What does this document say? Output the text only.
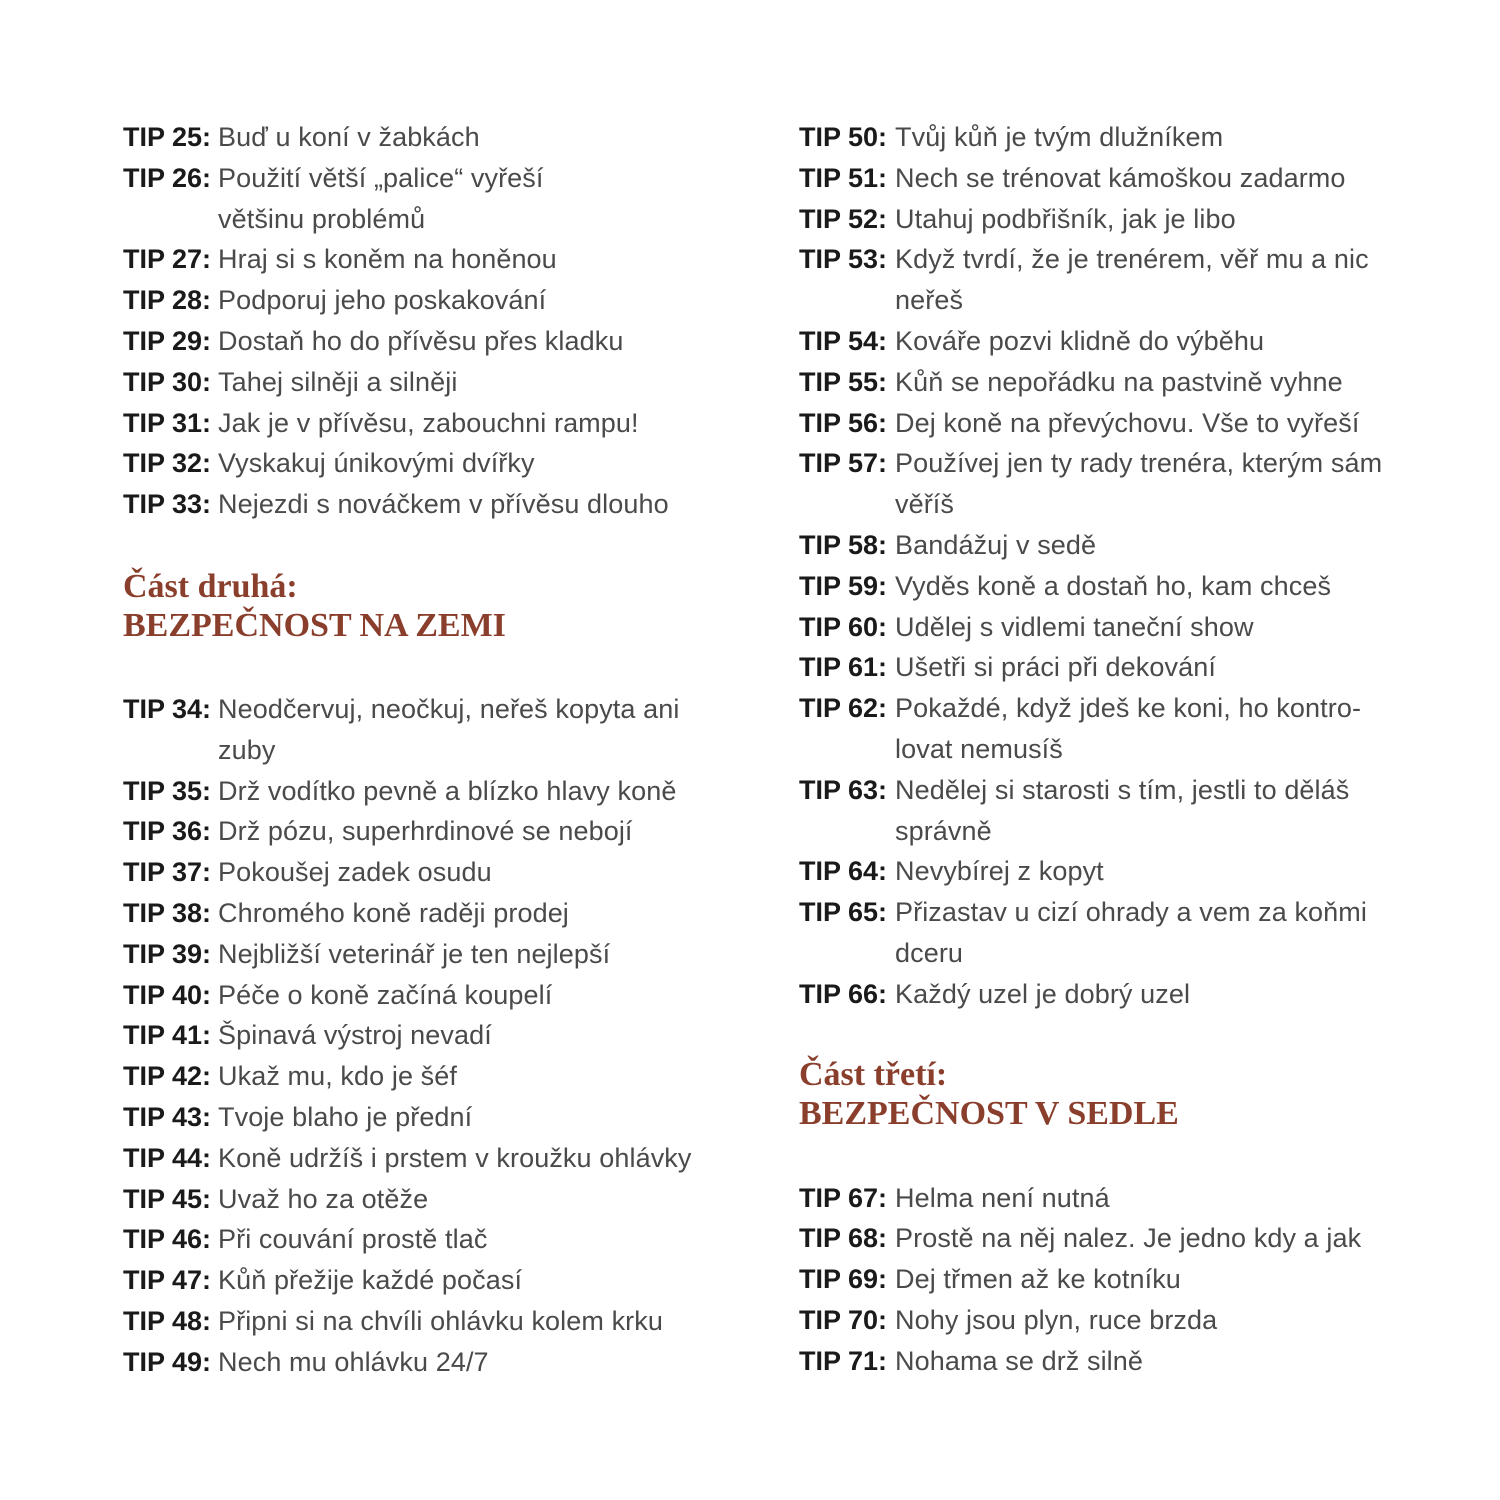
TIP 25: Buď u koní v žabkách
TIP 26: Použití větší „palice“ vyřeší většinu problémů
TIP 27: Hraj si s koněm na honěnou
TIP 28: Podporuj jeho poskakování
TIP 29: Dostaň ho do přívěsu přes kladku
TIP 30: Tahej silněji a silněji
TIP 31: Jak je v přívěsu, zabouchni rampu!
TIP 32: Vyskakuj únikovými dvířky
TIP 33: Nejezdi s nováčkem v přívěsu dlouho
Část druhá:
BEZPEČNOST NA ZEMI
TIP 34: Neodčervuj, neočkuj, neřeš kopyta ani zuby
TIP 35: Drž vodítko pevně a blízko hlavy koně
TIP 36: Drž pózu, superhrdinové se nebojí
TIP 37: Pokoušej zadek osudu
TIP 38: Chromého koně raději prodej
TIP 39: Nejbližší veterinář je ten nejlepší
TIP 40: Péče o koně začíná koupelí
TIP 41: Špinavá výstroj nevadí
TIP 42: Ukaž mu, kdo je šéf
TIP 43: Tvoje blaho je přední
TIP 44: Koně udržíš i prstem v kroužku ohlávky
TIP 45: Uvaž ho za otěže
TIP 46: Při couvání prostě tlač
TIP 47: Kůň přežije každé počasí
TIP 48: Připni si na chvíli ohlávku kolem krku
TIP 49: Nech mu ohlávku 24/7
TIP 50: Tvůj kůň je tvým dlužníkem
TIP 51: Nech se trénovat kámoškou zadarmo
TIP 52: Utahuj podbřišník, jak je libo
TIP 53: Když tvrdí, že je trenérem, věř mu a nic neřeš
TIP 54: Kováře pozvi klidně do výběhu
TIP 55: Kůň se nepořádku na pastvině vyhne
TIP 56: Dej koně na převýchovu. Vše to vyřeší
TIP 57: Používej jen ty rady trenéra, kterým sám věříš
TIP 58: Bandážuj v sedě
TIP 59: Vyděs koně a dostaň ho, kam chceš
TIP 60: Udělej s vidlemi taneční show
TIP 61: Ušetři si práci při dekování
TIP 62: Pokaždé, když jdeš ke koni, ho kontro-lovat nemusíš
TIP 63: Nedělej si starosti s tím, jestli to děláš správně
TIP 64: Nevybírej z kopyt
TIP 65: Přizastav u cizí ohrady a vem za koňmi dceru
TIP 66: Každý uzel je dobrý uzel
Část třetí:
BEZPEČNOST V SEDLE
TIP 67: Helma není nutná
TIP 68: Prostě na něj nalez. Je jedno kdy a jak
TIP 69: Dej třmen až ke kotníku
TIP 70: Nohy jsou plyn, ruce brzda
TIP 71: Nohama se drž silně
